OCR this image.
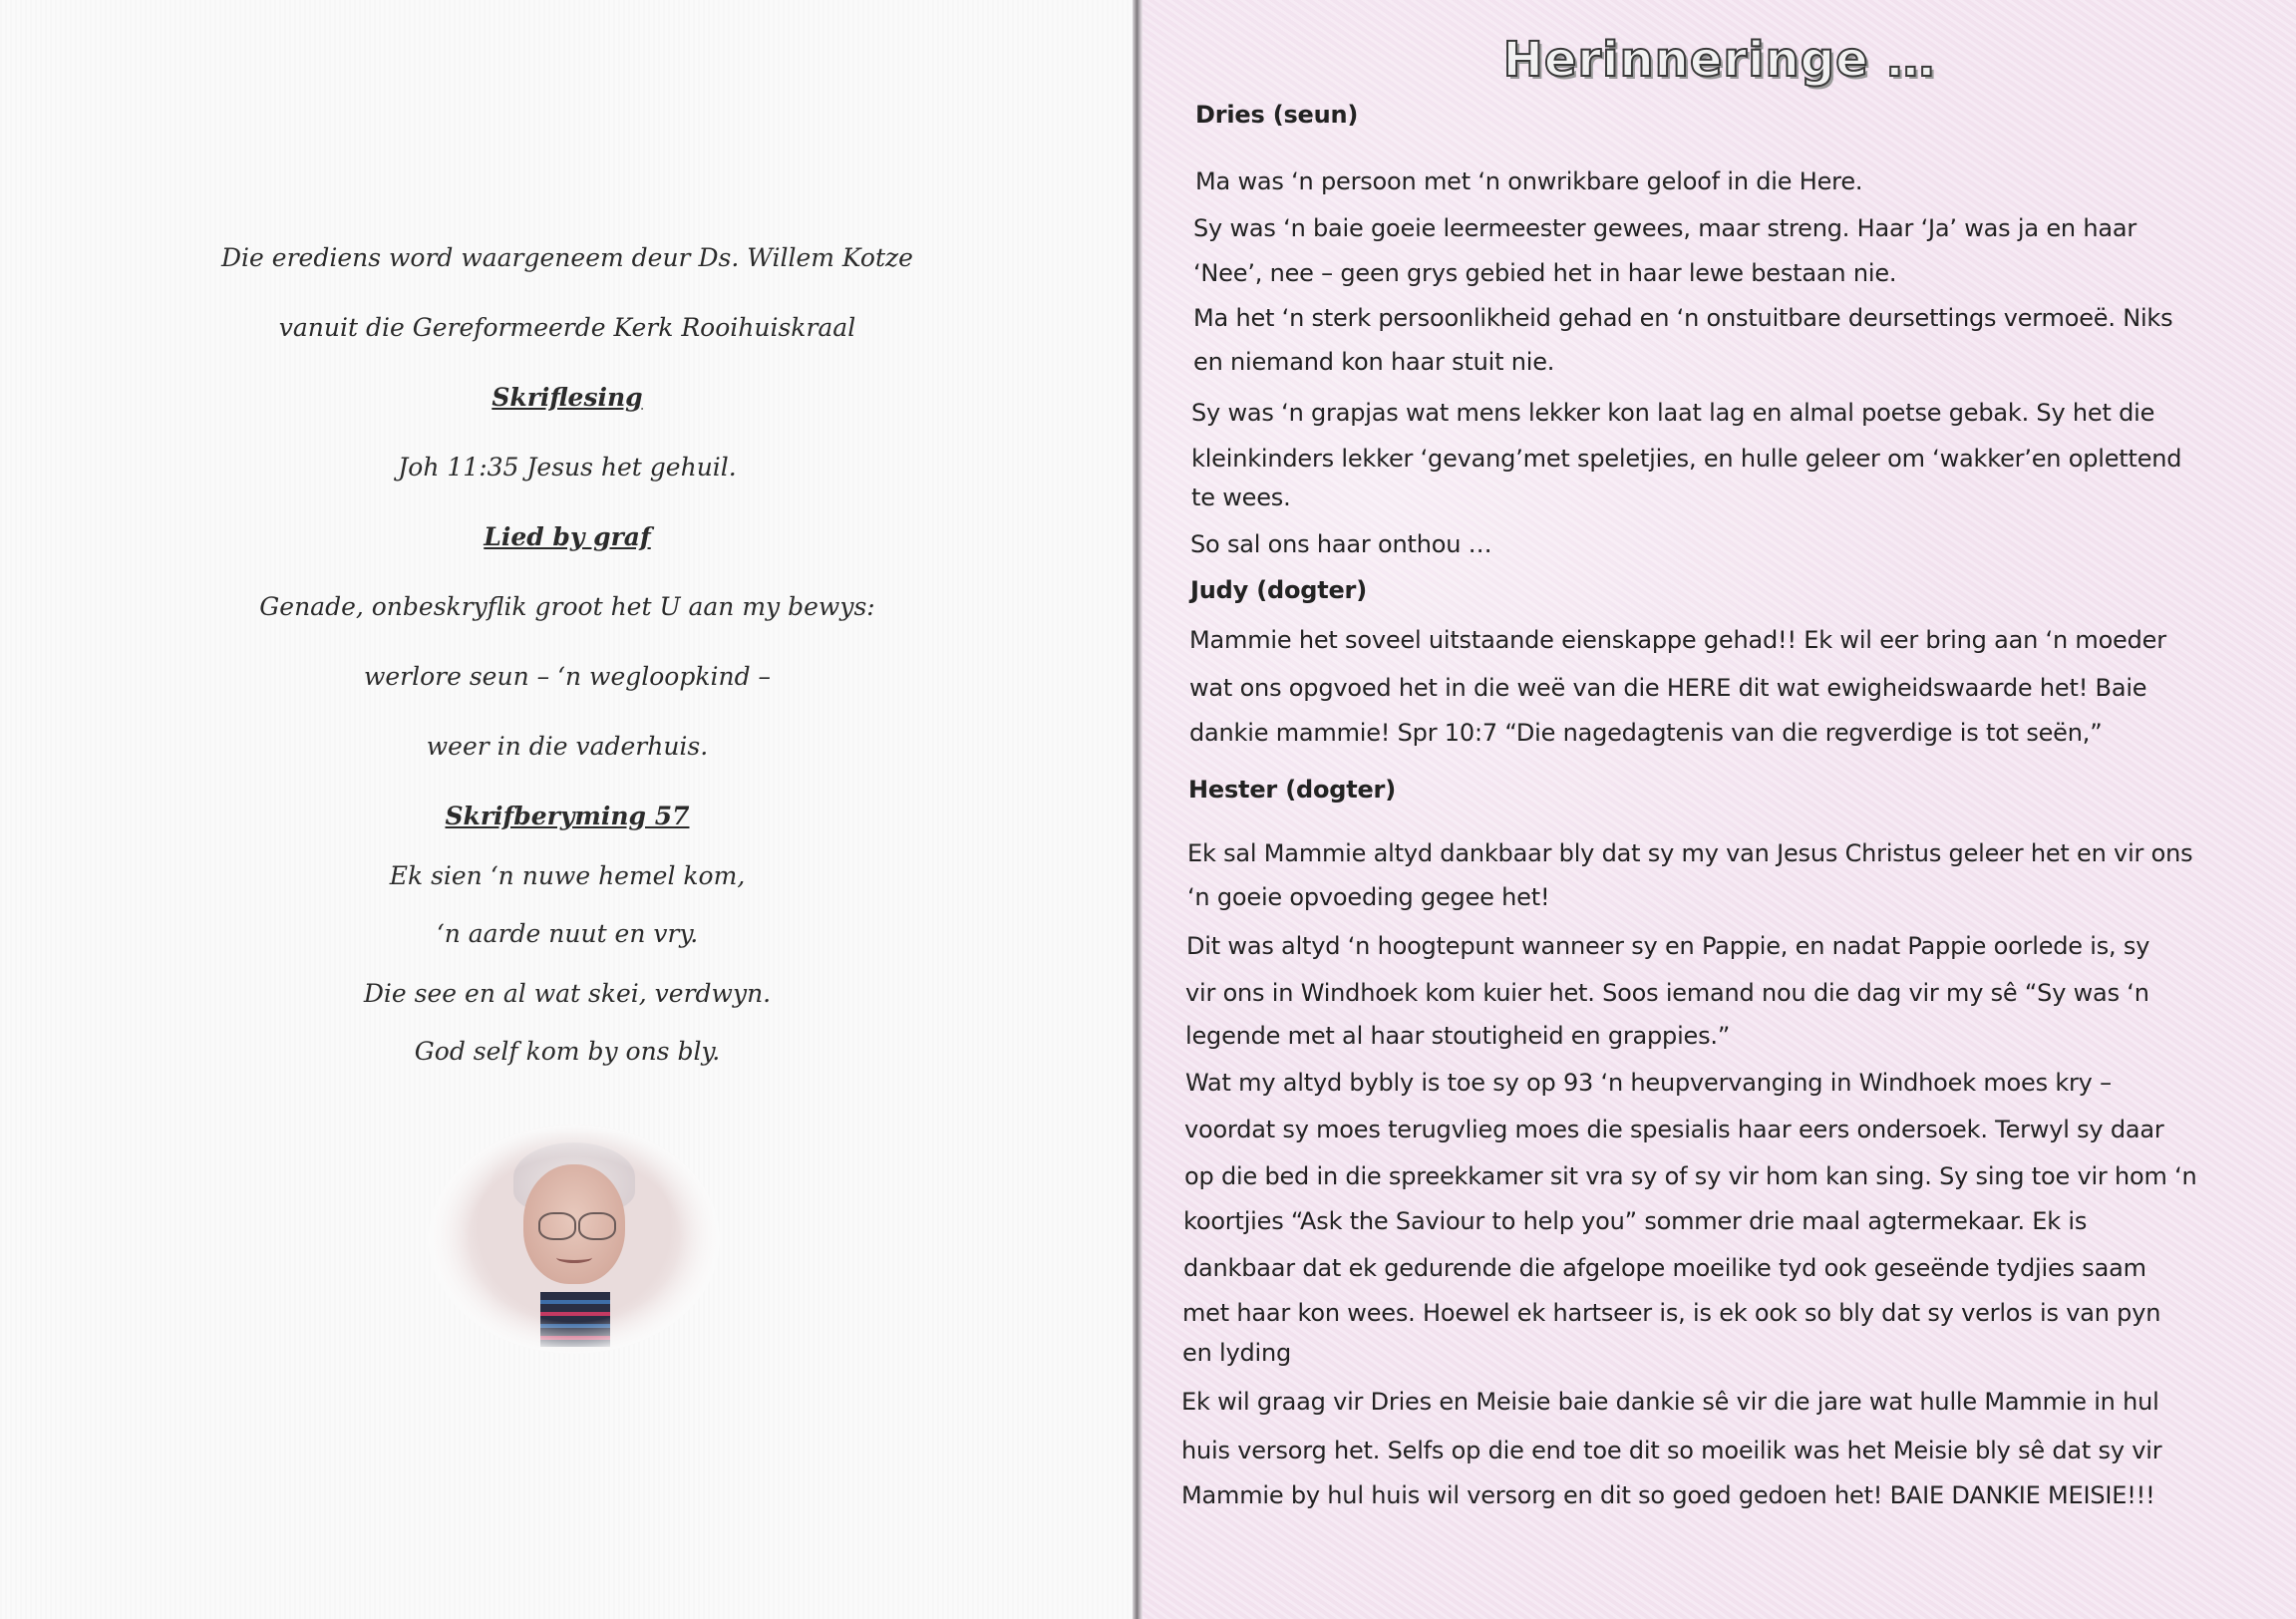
Die erediens word waargeneem deur Ds. Willem Kotze
vanuit die Gereformeerde Kerk Rooihuiskraal
Skriflesing
Joh 11:35 Jesus het gehuil.
Lied by graf
Genade, onbeskryflik groot het U aan my bewys:
werlore seun – ‘n wegloopkind –
weer in die vaderhuis.
Skrifberyming 57
Ek sien ‘n nuwe hemel kom,
‘n aarde nuut en vry.
Die see en al wat skei, verdwyn.
God self kom by ons bly.
Herinneringe …
Dries (seun)
Ma was ‘n persoon met ‘n onwrikbare geloof in die Here.
Sy was ‘n baie goeie leermeester gewees, maar streng. Haar ‘Ja’ was ja en haar
‘Nee’, nee – geen grys gebied het in haar lewe bestaan nie.
Ma het ‘n sterk persoonlikheid gehad en ‘n onstuitbare deursettings vermoeë. Niks
en niemand kon haar stuit nie.
Sy was ‘n grapjas wat mens lekker kon laat lag en almal poetse gebak. Sy het die
kleinkinders lekker ‘gevang’met speletjies, en hulle geleer om ‘wakker’en oplettend
te wees.
So sal ons haar onthou …
Judy (dogter)
Mammie het soveel uitstaande eienskappe gehad!! Ek wil eer bring aan ‘n moeder
wat ons opgvoed het in die weë van die HERE dit wat ewigheidswaarde het! Baie
dankie mammie! Spr 10:7 “Die nagedagtenis van die regverdige is tot seën,”
Hester (dogter)
Ek sal Mammie altyd dankbaar bly dat sy my van Jesus Christus geleer het en vir ons
‘n goeie opvoeding gegee het!
Dit was altyd ‘n hoogtepunt wanneer sy en Pappie, en nadat Pappie oorlede is, sy
vir ons in Windhoek kom kuier het. Soos iemand nou die dag vir my sê “Sy was ‘n
legende met al haar stoutigheid en grappies.”
Wat my altyd bybly is toe sy op 93 ‘n heupvervanging in Windhoek moes kry –
voordat sy moes terugvlieg moes die spesialis haar eers ondersoek. Terwyl sy daar
op die bed in die spreekkamer sit vra sy of sy vir hom kan sing. Sy sing toe vir hom ‘n
koortjies “Ask the Saviour to help you” sommer drie maal agtermekaar. Ek is
dankbaar dat ek gedurende die afgelope moeilike tyd ook geseënde tydjies saam
met haar kon wees. Hoewel ek hartseer is, is ek ook so bly dat sy verlos is van pyn
en lyding
Ek wil graag vir Dries en Meisie baie dankie sê vir die jare wat hulle Mammie in hul
huis versorg het. Selfs op die end toe dit so moeilik was het Meisie bly sê dat sy vir
Mammie by hul huis wil versorg en dit so goed gedoen het! BAIE DANKIE MEISIE!!!
